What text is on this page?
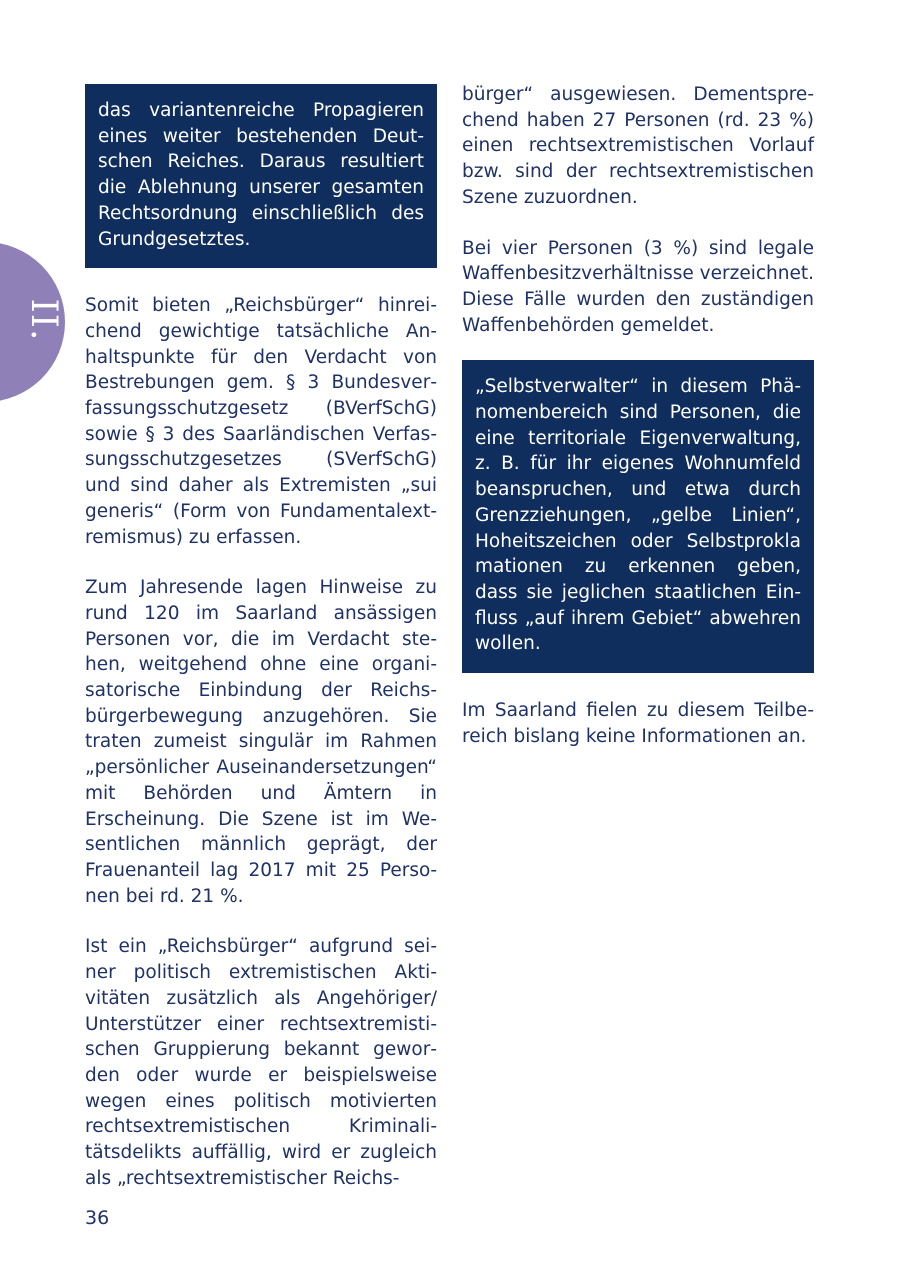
II.

das variantenreiche Propagieren eines weiter bestehenden Deutschen Reiches. Daraus resultiert die Ablehnung unserer gesamten Rechtsordnung einschließlich des Grundgesetztes.

Somit bieten „Reichsbürger“ hinreichend gewichtige tatsächliche Anhaltspunkte für den Verdacht von Bestrebungen gem. § 3 Bundesverfassungsschutzgesetz (BVerfSchG) sowie § 3 des Saarländischen Verfassungsschutzgesetzes (SVerfSchG) und sind daher als Extremisten „sui generis“ (Form von Fundamentalextremismus) zu erfassen.

Zum Jahresende lagen Hinweise zu rund 120 im Saarland ansässigen Personen vor, die im Verdacht stehen, weitgehend ohne eine organisatorische Einbindung der Reichsbürgerbewegung anzugehören. Sie traten zumeist singulär im Rahmen „persönlicher Auseinandersetzungen“ mit Behörden und Ämtern in Erscheinung. Die Szene ist im Wesentlichen männlich geprägt, der Frauenanteil lag 2017 mit 25 Personen bei rd. 21 %.

Ist ein „Reichsbürger“ aufgrund seiner politisch extremistischen Aktivitäten zusätzlich als Angehöriger/ Unterstützer einer rechtsextremistischen Gruppierung bekannt geworden oder wurde er beispielsweise wegen eines politisch motivierten rechtsextremistischen Kriminalitätsdelikts auffällig, wird er zugleich als „rechtsextremistischer Reichs-

bürger“ ausgewiesen. Dementsprechend haben 27 Personen (rd. 23 %) einen rechtsextremistischen Vorlauf bzw. sind der rechtsextremistischen Szene zuzuordnen.

Bei vier Personen (3 %) sind legale Waffenbesitzverhältnisse verzeichnet. Diese Fälle wurden den zuständigen Waffenbehörden gemeldet.

„Selbstverwalter“ in diesem Phänomenbereich sind Personen, die eine territoriale Eigenverwaltung, z. B. für ihr eigenes Wohnumfeld beanspruchen, und etwa durch Grenzziehungen, „gelbe Linien“, Hoheitszeichen oder Selbstprokla mationen zu erkennen geben, dass sie jeglichen staatlichen Einfluss „auf ihrem Gebiet“ abwehren wollen.

Im Saarland fielen zu diesem Teilbereich bislang keine Informationen an.

36
